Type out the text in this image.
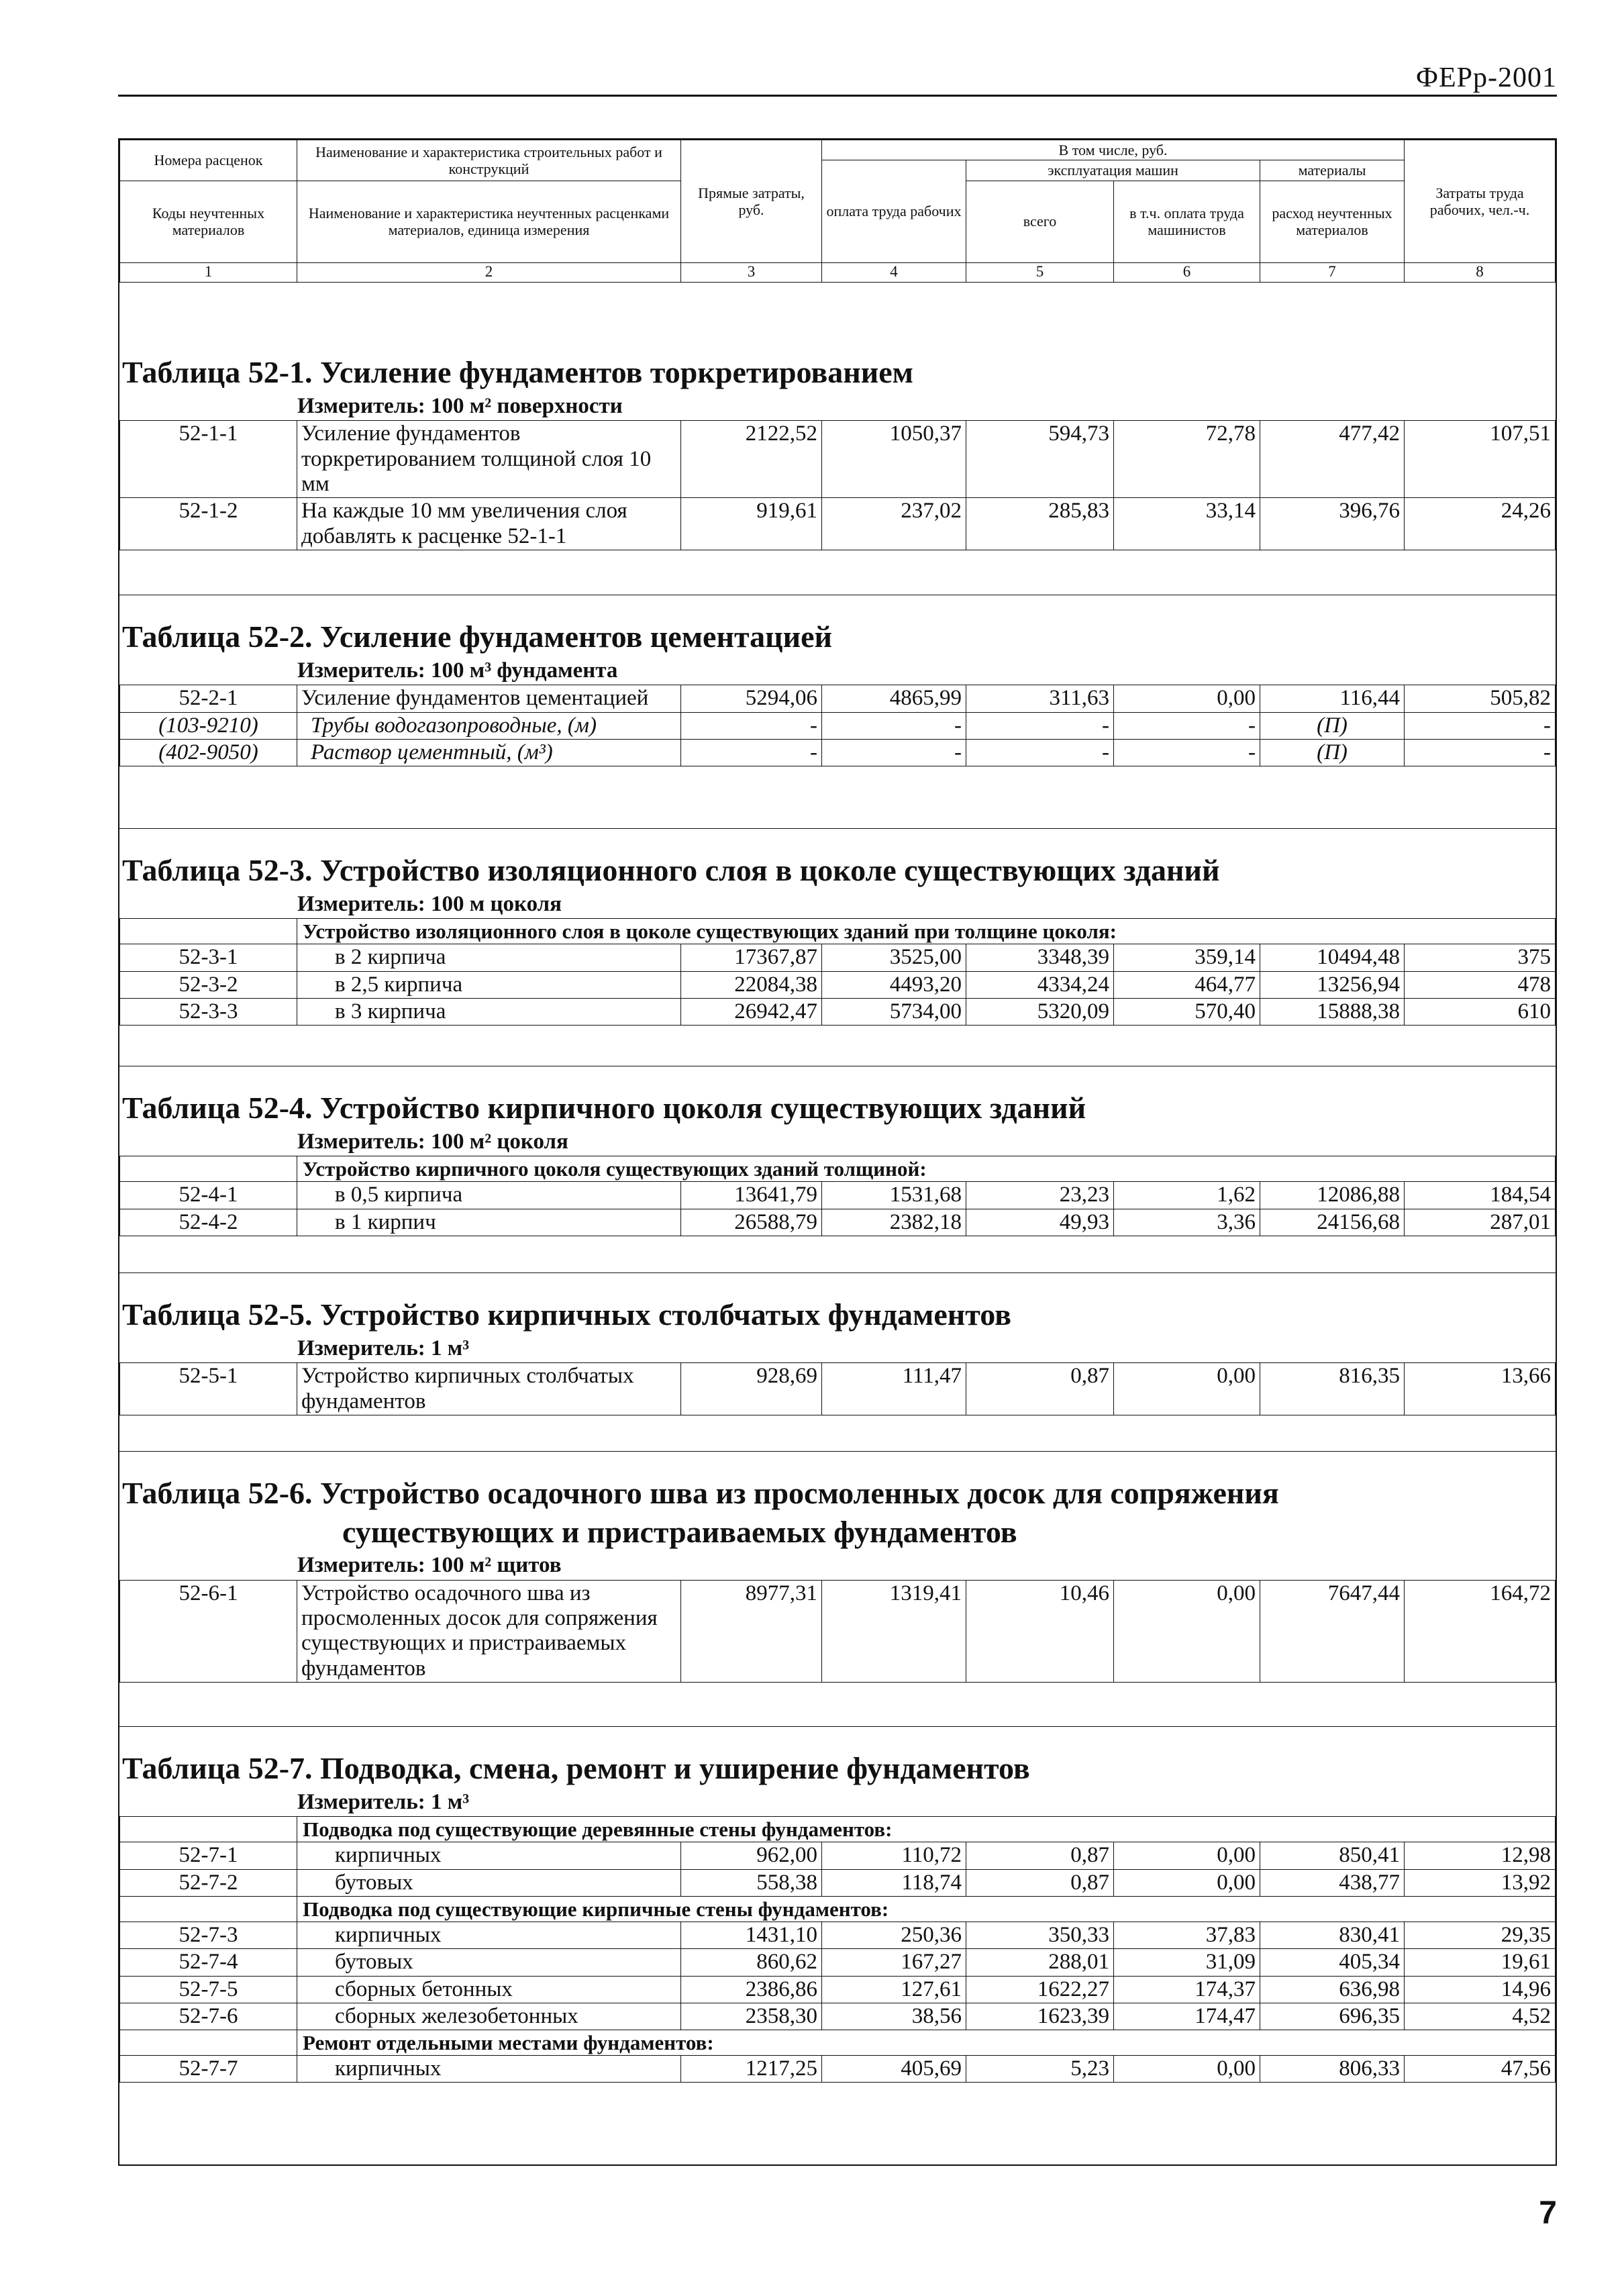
ФЕРр-2001
Номера расценок	Наименование и характеристика строительных работ и конструкций	Прямые затраты, руб.	В том числе, руб.				Затраты труда рабочих, чел.-ч.
			оплата труда рабочих	эксплуатация машин		материалы	
Коды неучтенных материалов	Наименование и характеристика неучтенных расценками материалов, единица измерения			всего	в т.ч. оплата труда машинистов	расход неучтенных материалов	

1	2	3	4	5	6	7	8
Таблица 52-1. Усиление фундаментов торкретированием
Измеритель: 100 м² поверхности
52-1-1	Усиление фундаментов торкретированием толщиной слоя 10 мм	2122,52	1050,37	594,73	72,78	477,42	107,51
52-1-2	На каждые 10 мм увеличения слоя добавлять к расценке 52-1-1	919,61	237,02	285,83	33,14	396,76	24,26
Таблица 52-2. Усиление фундаментов цементацией
Измеритель: 100 м³ фундамента
52-2-1	Усиление фундаментов цементацией	5294,06	4865,99	311,63	0,00	116,44	505,82
(103-9210)	Трубы водогазопроводные, (м)	-	-	-	-	(П)	-
(402-9050)	Раствор цементный, (м³)	-	-	-	-	(П)	-
Таблица 52-3. Устройство изоляционного слоя в цоколе существующих зданий
Измеритель: 100 м цоколя
	Устройство изоляционного слоя в цоколе существующих зданий при толщине цоколя:						
52-3-1	в 2 кирпича	17367,87	3525,00	3348,39	359,14	10494,48	375
52-3-2	в 2,5 кирпича	22084,38	4493,20	4334,24	464,77	13256,94	478
52-3-3	в 3 кирпича	26942,47	5734,00	5320,09	570,40	15888,38	610
Таблица 52-4. Устройство кирпичного цоколя существующих зданий
Измеритель: 100 м² цоколя
	Устройство кирпичного цоколя существующих зданий толщиной:						
52-4-1	в 0,5 кирпича	13641,79	1531,68	23,23	1,62	12086,88	184,54
52-4-2	в 1 кирпич	26588,79	2382,18	49,93	3,36	24156,68	287,01
Таблица 52-5. Устройство кирпичных столбчатых фундаментов
Измеритель: 1 м³
52-5-1	Устройство кирпичных столбчатых фундаментов	928,69	111,47	0,87	0,00	816,35	13,66
Таблица 52-6. Устройство осадочного шва из просмоленных досок для сопряжения
существующих и пристраиваемых фундаментов
Измеритель: 100 м² щитов
52-6-1	Устройство осадочного шва из просмоленных досок для сопряжения существующих и пристраиваемых фундаментов	8977,31	1319,41	10,46	0,00	7647,44	164,72
Таблица 52-7. Подводка, смена, ремонт и уширение фундаментов
Измеритель: 1 м³
	Подводка под существующие деревянные стены фундаментов:						
52-7-1	кирпичных	962,00	110,72	0,87	0,00	850,41	12,98
52-7-2	бутовых	558,38	118,74	0,87	0,00	438,77	13,92
	Подводка под существующие кирпичные стены фундаментов:						
52-7-3	кирпичных	1431,10	250,36	350,33	37,83	830,41	29,35
52-7-4	бутовых	860,62	167,27	288,01	31,09	405,34	19,61
52-7-5	сборных бетонных	2386,86	127,61	1622,27	174,37	636,98	14,96
52-7-6	сборных железобетонных	2358,30	38,56	1623,39	174,47	696,35	4,52
	Ремонт отдельными местами фундаментов:						
52-7-7	кирпичных	1217,25	405,69	5,23	0,00	806,33	47,56
7
